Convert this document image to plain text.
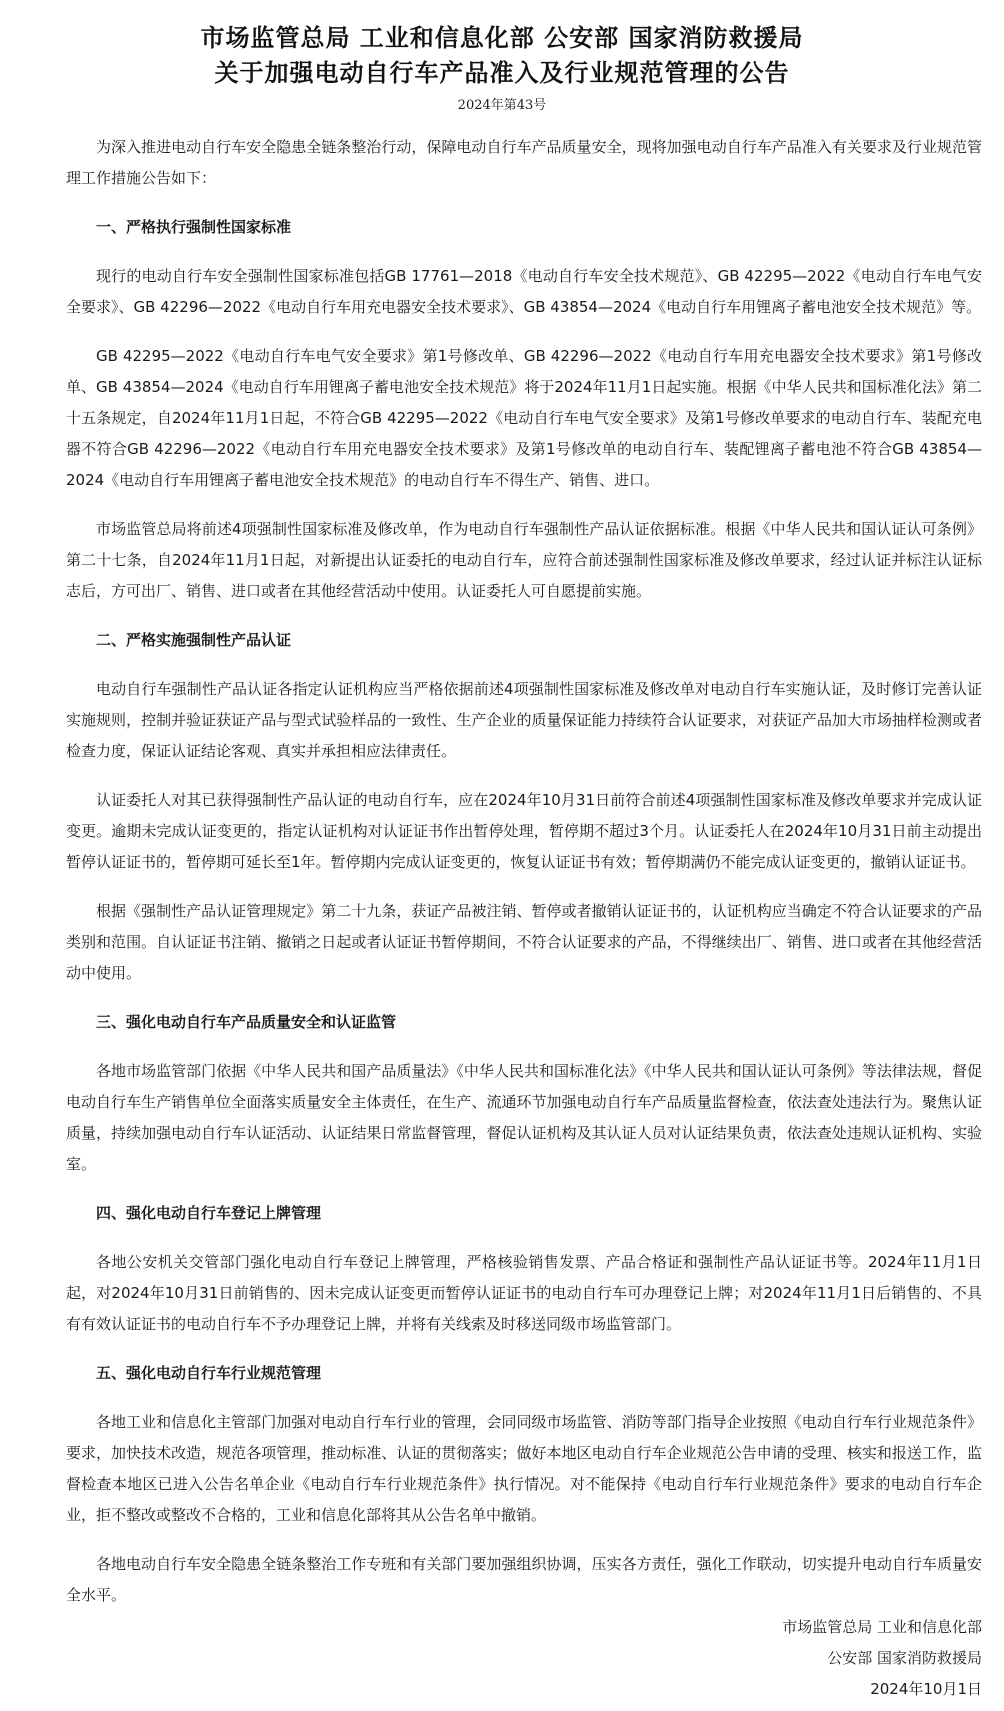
市场监管总局 工业和信息化部 公安部 国家消防救援局
关于加强电动自行车产品准入及行业规范管理的公告
2024年第43号

为深入推进电动自行车安全隐患全链条整治行动，保障电动自行车产品质量安全，现将加强电动自行车产品准入有关要求及行业规范管理工作措施公告如下：

一、严格执行强制性国家标准

现行的电动自行车安全强制性国家标准包括GB 17761—2018《电动自行车安全技术规范》、GB 42295—2022《电动自行车电气安全要求》、GB 42296—2022《电动自行车用充电器安全技术要求》、GB 43854—2024《电动自行车用锂离子蓄电池安全技术规范》等。

GB 42295—2022《电动自行车电气安全要求》第1号修改单、GB 42296—2022《电动自行车用充电器安全技术要求》第1号修改单、GB 43854—2024《电动自行车用锂离子蓄电池安全技术规范》将于2024年11月1日起实施。根据《中华人民共和国标准化法》第二十五条规定，自2024年11月1日起，不符合GB 42295—2022《电动自行车电气安全要求》及第1号修改单要求的电动自行车、装配充电器不符合GB 42296—2022《电动自行车用充电器安全技术要求》及第1号修改单的电动自行车、装配锂离子蓄电池不符合GB 43854—2024《电动自行车用锂离子蓄电池安全技术规范》的电动自行车不得生产、销售、进口。

市场监管总局将前述4项强制性国家标准及修改单，作为电动自行车强制性产品认证依据标准。根据《中华人民共和国认证认可条例》第二十七条，自2024年11月1日起，对新提出认证委托的电动自行车，应符合前述强制性国家标准及修改单要求，经过认证并标注认证标志后，方可出厂、销售、进口或者在其他经营活动中使用。认证委托人可自愿提前实施。

二、严格实施强制性产品认证

电动自行车强制性产品认证各指定认证机构应当严格依据前述4项强制性国家标准及修改单对电动自行车实施认证，及时修订完善认证实施规则，控制并验证获证产品与型式试验样品的一致性、生产企业的质量保证能力持续符合认证要求，对获证产品加大市场抽样检测或者检查力度，保证认证结论客观、真实并承担相应法律责任。

认证委托人对其已获得强制性产品认证的电动自行车，应在2024年10月31日前符合前述4项强制性国家标准及修改单要求并完成认证变更。逾期未完成认证变更的，指定认证机构对认证证书作出暂停处理，暂停期不超过3个月。认证委托人在2024年10月31日前主动提出暂停认证证书的，暂停期可延长至1年。暂停期内完成认证变更的，恢复认证证书有效；暂停期满仍不能完成认证变更的，撤销认证证书。

根据《强制性产品认证管理规定》第二十九条，获证产品被注销、暂停或者撤销认证证书的，认证机构应当确定不符合认证要求的产品类别和范围。自认证证书注销、撤销之日起或者认证证书暂停期间，不符合认证要求的产品，不得继续出厂、销售、进口或者在其他经营活动中使用。

三、强化电动自行车产品质量安全和认证监管

各地市场监管部门依据《中华人民共和国产品质量法》《中华人民共和国标准化法》《中华人民共和国认证认可条例》等法律法规，督促电动自行车生产销售单位全面落实质量安全主体责任，在生产、流通环节加强电动自行车产品质量监督检查，依法查处违法行为。聚焦认证质量，持续加强电动自行车认证活动、认证结果日常监督管理，督促认证机构及其认证人员对认证结果负责，依法查处违规认证机构、实验室。

四、强化电动自行车登记上牌管理

各地公安机关交管部门强化电动自行车登记上牌管理，严格核验销售发票、产品合格证和强制性产品认证证书等。2024年11月1日起，对2024年10月31日前销售的、因未完成认证变更而暂停认证证书的电动自行车可办理登记上牌；对2024年11月1日后销售的、不具有有效认证证书的电动自行车不予办理登记上牌，并将有关线索及时移送同级市场监管部门。

五、强化电动自行车行业规范管理

各地工业和信息化主管部门加强对电动自行车行业的管理，会同同级市场监管、消防等部门指导企业按照《电动自行车行业规范条件》要求，加快技术改造，规范各项管理，推动标准、认证的贯彻落实；做好本地区电动自行车企业规范公告申请的受理、核实和报送工作，监督检查本地区已进入公告名单企业《电动自行车行业规范条件》执行情况。对不能保持《电动自行车行业规范条件》要求的电动自行车企业，拒不整改或整改不合格的，工业和信息化部将其从公告名单中撤销。

各地电动自行车安全隐患全链条整治工作专班和有关部门要加强组织协调，压实各方责任，强化工作联动，切实提升电动自行车质量安全水平。

市场监管总局 工业和信息化部
公安部 国家消防救援局
2024年10月1日
